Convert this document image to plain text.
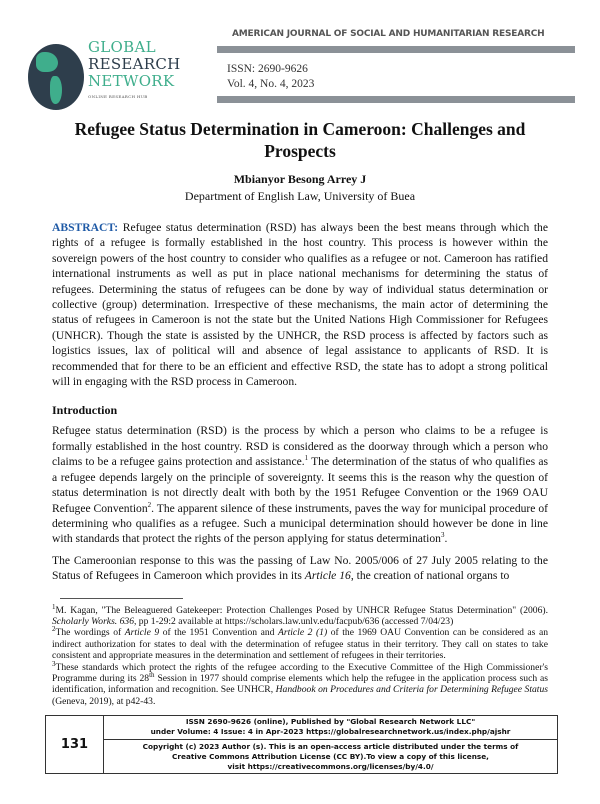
GLOBAL
RESEARCH
NETWORK
ONLINE RESEARCH HUB
AMERICAN JOURNAL OF SOCIAL AND HUMANITARIAN RESEARCH
ISSN: 2690-9626
Vol. 4, No. 4, 2023
Refugee Status Determination in Cameroon: Challenges and Prospects
Mbianyor Besong Arrey J
Department of English Law, University of Buea
ABSTRACT: Refugee status determination (RSD) has always been the best means through which the rights of a refugee is formally established in the host country. This process is however within the sovereign powers of the host country to consider who qualifies as a refugee or not. Cameroon has ratified international instruments as well as put in place national mechanisms for determining the status of refugees. Determining the status of refugees can be done by way of individual status determination or collective (group) determination. Irrespective of these mechanisms, the main actor of determining the status of refugees in Cameroon is not the state but the United Nations High Commissioner for Refugees (UNHCR). Though the state is assisted by the UNHCR, the RSD process is affected by factors such as logistics issues, lax of political will and absence of legal assistance to applicants of RSD. It is recommended that for there to be an efficient and effective RSD, the state has to adopt a strong political will in engaging with the RSD process in Cameroon.
Introduction

Refugee status determination (RSD) is the process by which a person who claims to be a refugee is formally established in the host country. RSD is considered as the doorway through which a person who claims to be a refugee gains protection and assistance.$^1$ The determination of the status of who qualifies as a refugee depends largely on the principle of sovereignty. It seems this is the reason why the question of status determination is not directly dealt with both by the 1951 Refugee Convention or the 1969 OAU Refugee Convention$^2$. The apparent silence of these instruments, paves the way for municipal procedure of determining who qualifies as a refugee. Such a municipal determination should however be done in line with standards that protect the rights of the person applying for status determination$^3$.

The Cameroonian response to this was the passing of Law No. 2005/006 of 27 July 2005 relating to the Status of Refugees in Cameroon which provides in its Article 16, the creation of national organs to

$^1$M. Kagan, "The Beleaguered Gatekeeper: Protection Challenges Posed by UNHCR Refugee Status Determination" (2006). Scholarly Works. 636, pp 1-29:2 available at https://scholars.law.unlv.edu/facpub/636 (accessed 7/04/23)

$^2$The wordings of Article 9 of the 1951 Convention and Article 2 (1) of the 1969 OAU Convention can be considered as an indirect authorization for states to deal with the determination of refugee status in their territory. They call on states to take consistent and appropriate measures in the determination and settlement of refugees in their territories.

$^3$These standards which protect the rights of the refugee according to the Executive Committee of the High Commissioner's Programme during its 28th Session in 1977 should comprise elements which help the refugee in the application process such as identification, information and recognition. See UNHCR, Handbook on Procedures and Criteria for Determining Refugee Status (Geneva, 2019), at p42-43.

131
ISSN 2690-9626 (online), Published by "Global Research Network LLC"
under Volume: 4 Issue: 4 in Apr-2023 https://globalresearchnetwork.us/index.php/ajshr
Copyright (c) 2023 Author (s). This is an open-access article distributed under the terms of
Creative Commons Attribution License (CC BY).To view a copy of this license,
visit https://creativecommons.org/licenses/by/4.0/
